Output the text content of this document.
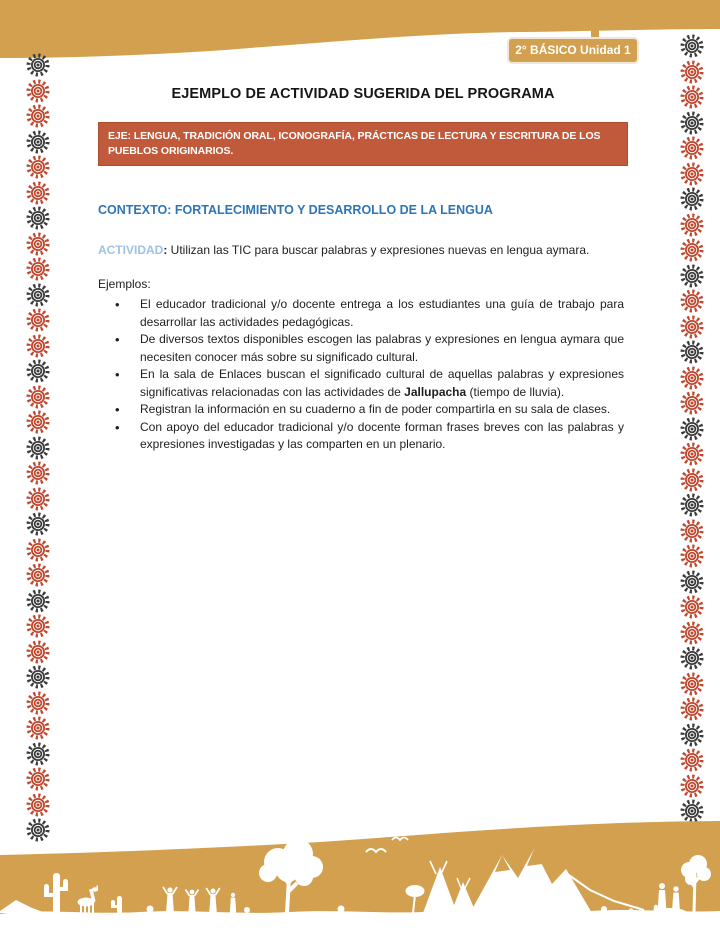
2° BÁSICO Unidad 1
EJEMPLO DE ACTIVIDAD SUGERIDA DEL PROGRAMA
EJE: LENGUA, TRADICIÓN ORAL, ICONOGRAFÍA, PRÁCTICAS DE LECTURA Y ESCRITURA DE LOS PUEBLOS ORIGINARIOS.
CONTEXTO: FORTALECIMIENTO Y DESARROLLO DE LA LENGUA
ACTIVIDAD: Utilizan las TIC para buscar palabras y expresiones nuevas en lengua aymara.
Ejemplos:
• El educador tradicional y/o docente entrega a los estudiantes una guía de trabajo para desarrollar las actividades pedagógicas.
• De diversos textos disponibles escogen las palabras y expresiones en lengua aymara que necesiten conocer más sobre su significado cultural.
• En la sala de Enlaces buscan el significado cultural de aquellas palabras y expresiones significativas relacionadas con las actividades de Jallupacha (tiempo de lluvia).
• Registran la información en su cuaderno a fin de poder compartirla en su sala de clases.
• Con apoyo del educador tradicional y/o docente forman frases breves con las palabras y expresiones investigadas y las comparten en un plenario.
